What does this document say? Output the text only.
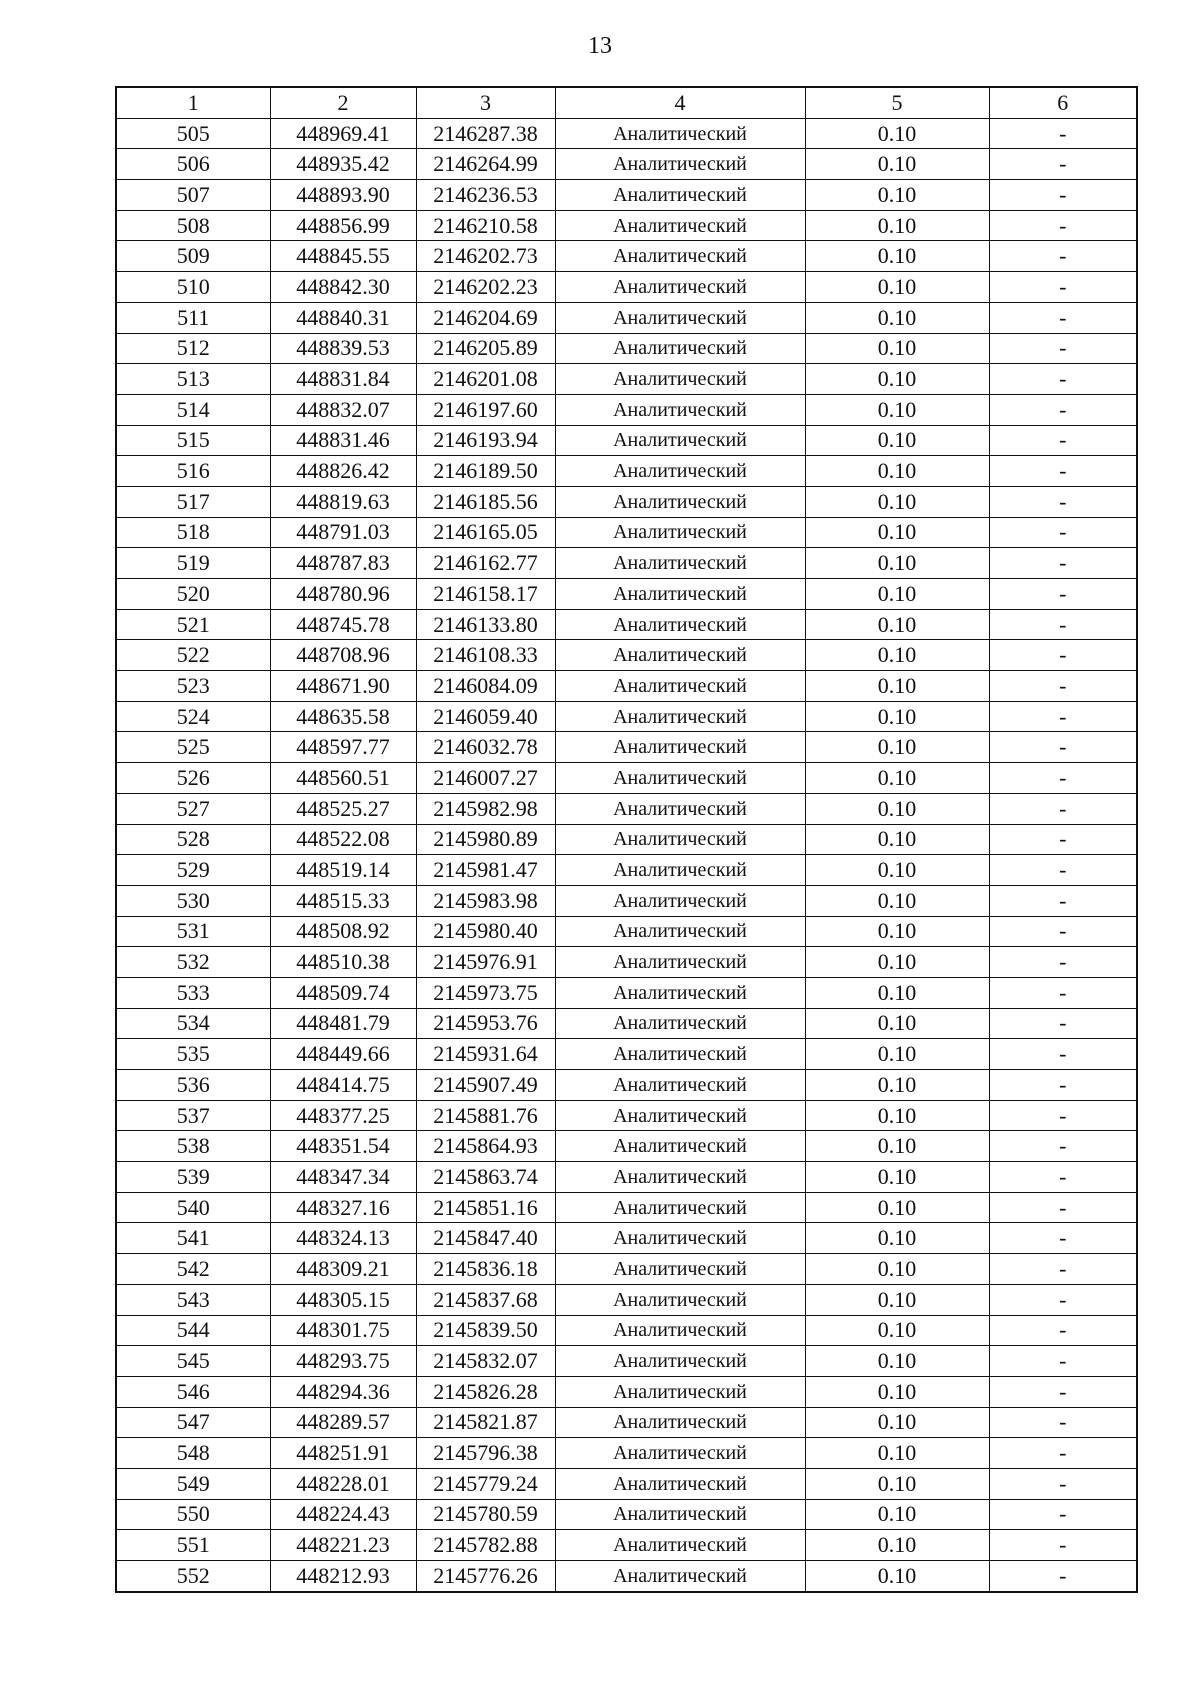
13
1	2	3	4	5	6
505	448969.41	2146287.38	Аналитический	0.10	-
506	448935.42	2146264.99	Аналитический	0.10	-
507	448893.90	2146236.53	Аналитический	0.10	-
508	448856.99	2146210.58	Аналитический	0.10	-
509	448845.55	2146202.73	Аналитический	0.10	-
510	448842.30	2146202.23	Аналитический	0.10	-
511	448840.31	2146204.69	Аналитический	0.10	-
512	448839.53	2146205.89	Аналитический	0.10	-
513	448831.84	2146201.08	Аналитический	0.10	-
514	448832.07	2146197.60	Аналитический	0.10	-
515	448831.46	2146193.94	Аналитический	0.10	-
516	448826.42	2146189.50	Аналитический	0.10	-
517	448819.63	2146185.56	Аналитический	0.10	-
518	448791.03	2146165.05	Аналитический	0.10	-
519	448787.83	2146162.77	Аналитический	0.10	-
520	448780.96	2146158.17	Аналитический	0.10	-
521	448745.78	2146133.80	Аналитический	0.10	-
522	448708.96	2146108.33	Аналитический	0.10	-
523	448671.90	2146084.09	Аналитический	0.10	-
524	448635.58	2146059.40	Аналитический	0.10	-
525	448597.77	2146032.78	Аналитический	0.10	-
526	448560.51	2146007.27	Аналитический	0.10	-
527	448525.27	2145982.98	Аналитический	0.10	-
528	448522.08	2145980.89	Аналитический	0.10	-
529	448519.14	2145981.47	Аналитический	0.10	-
530	448515.33	2145983.98	Аналитический	0.10	-
531	448508.92	2145980.40	Аналитический	0.10	-
532	448510.38	2145976.91	Аналитический	0.10	-
533	448509.74	2145973.75	Аналитический	0.10	-
534	448481.79	2145953.76	Аналитический	0.10	-
535	448449.66	2145931.64	Аналитический	0.10	-
536	448414.75	2145907.49	Аналитический	0.10	-
537	448377.25	2145881.76	Аналитический	0.10	-
538	448351.54	2145864.93	Аналитический	0.10	-
539	448347.34	2145863.74	Аналитический	0.10	-
540	448327.16	2145851.16	Аналитический	0.10	-
541	448324.13	2145847.40	Аналитический	0.10	-
542	448309.21	2145836.18	Аналитический	0.10	-
543	448305.15	2145837.68	Аналитический	0.10	-
544	448301.75	2145839.50	Аналитический	0.10	-
545	448293.75	2145832.07	Аналитический	0.10	-
546	448294.36	2145826.28	Аналитический	0.10	-
547	448289.57	2145821.87	Аналитический	0.10	-
548	448251.91	2145796.38	Аналитический	0.10	-
549	448228.01	2145779.24	Аналитический	0.10	-
550	448224.43	2145780.59	Аналитический	0.10	-
551	448221.23	2145782.88	Аналитический	0.10	-
552	448212.93	2145776.26	Аналитический	0.10	-
